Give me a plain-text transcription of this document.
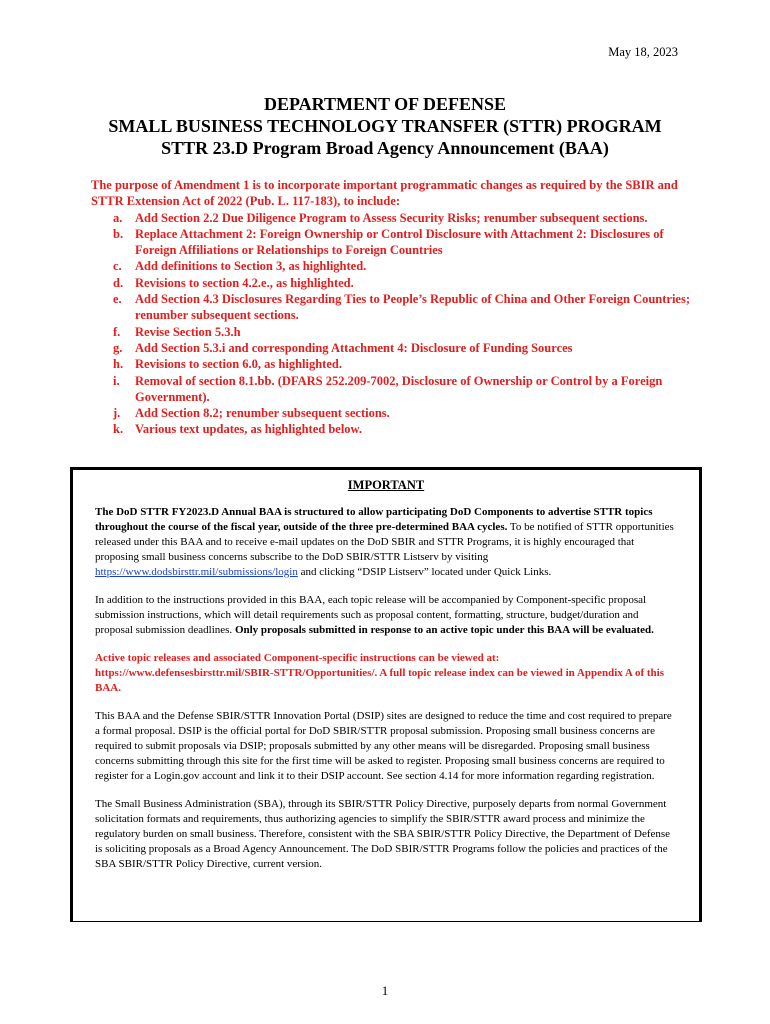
May 18, 2023
DEPARTMENT OF DEFENSE
SMALL BUSINESS TECHNOLOGY TRANSFER (STTR) PROGRAM
STTR 23.D Program Broad Agency Announcement (BAA)
The purpose of Amendment 1 is to incorporate important programmatic changes as required by the SBIR and STTR Extension Act of 2022 (Pub. L. 117-183), to include:
a. Add Section 2.2 Due Diligence Program to Assess Security Risks; renumber subsequent sections.
b. Replace Attachment 2: Foreign Ownership or Control Disclosure with Attachment 2: Disclosures of Foreign Affiliations or Relationships to Foreign Countries
c. Add definitions to Section 3, as highlighted.
d. Revisions to section 4.2.e., as highlighted.
e. Add Section 4.3 Disclosures Regarding Ties to People’s Republic of China and Other Foreign Countries; renumber subsequent sections.
f. Revise Section 5.3.h
g. Add Section 5.3.i and corresponding Attachment 4: Disclosure of Funding Sources
h. Revisions to section 6.0, as highlighted.
i. Removal of section 8.1.bb. (DFARS 252.209-7002, Disclosure of Ownership or Control by a Foreign Government).
j. Add Section 8.2; renumber subsequent sections.
k. Various text updates, as highlighted below.
IMPORTANT

The DoD STTR FY2023.D Annual BAA is structured to allow participating DoD Components to advertise STTR topics throughout the course of the fiscal year, outside of the three pre-determined BAA cycles. To be notified of STTR opportunities released under this BAA and to receive e-mail updates on the DoD SBIR and STTR Programs, it is highly encouraged that proposing small business concerns subscribe to the DoD SBIR/STTR Listserv by visiting https://www.dodsbirsttr.mil/submissions/login and clicking “DSIP Listserv” located under Quick Links.

In addition to the instructions provided in this BAA, each topic release will be accompanied by Component-specific proposal submission instructions, which will detail requirements such as proposal content, formatting, structure, budget/duration and proposal submission deadlines. Only proposals submitted in response to an active topic under this BAA will be evaluated.

Active topic releases and associated Component-specific instructions can be viewed at: https://www.defensesbirsttr.mil/SBIR-STTR/Opportunities/. A full topic release index can be viewed in Appendix A of this BAA.

This BAA and the Defense SBIR/STTR Innovation Portal (DSIP) sites are designed to reduce the time and cost required to prepare a formal proposal. DSIP is the official portal for DoD SBIR/STTR proposal submission. Proposing small business concerns are required to submit proposals via DSIP; proposals submitted by any other means will be disregarded. Proposing small business concerns submitting through this site for the first time will be asked to register. Proposing small business concerns are required to register for a Login.gov account and link it to their DSIP account. See section 4.14 for more information regarding registration.

The Small Business Administration (SBA), through its SBIR/STTR Policy Directive, purposely departs from normal Government solicitation formats and requirements, thus authorizing agencies to simplify the SBIR/STTR award process and minimize the regulatory burden on small business. Therefore, consistent with the SBA SBIR/STTR Policy Directive, the Department of Defense is soliciting proposals as a Broad Agency Announcement. The DoD SBIR/STTR Programs follow the policies and practices of the SBA SBIR/STTR Policy Directive, current version.

1
